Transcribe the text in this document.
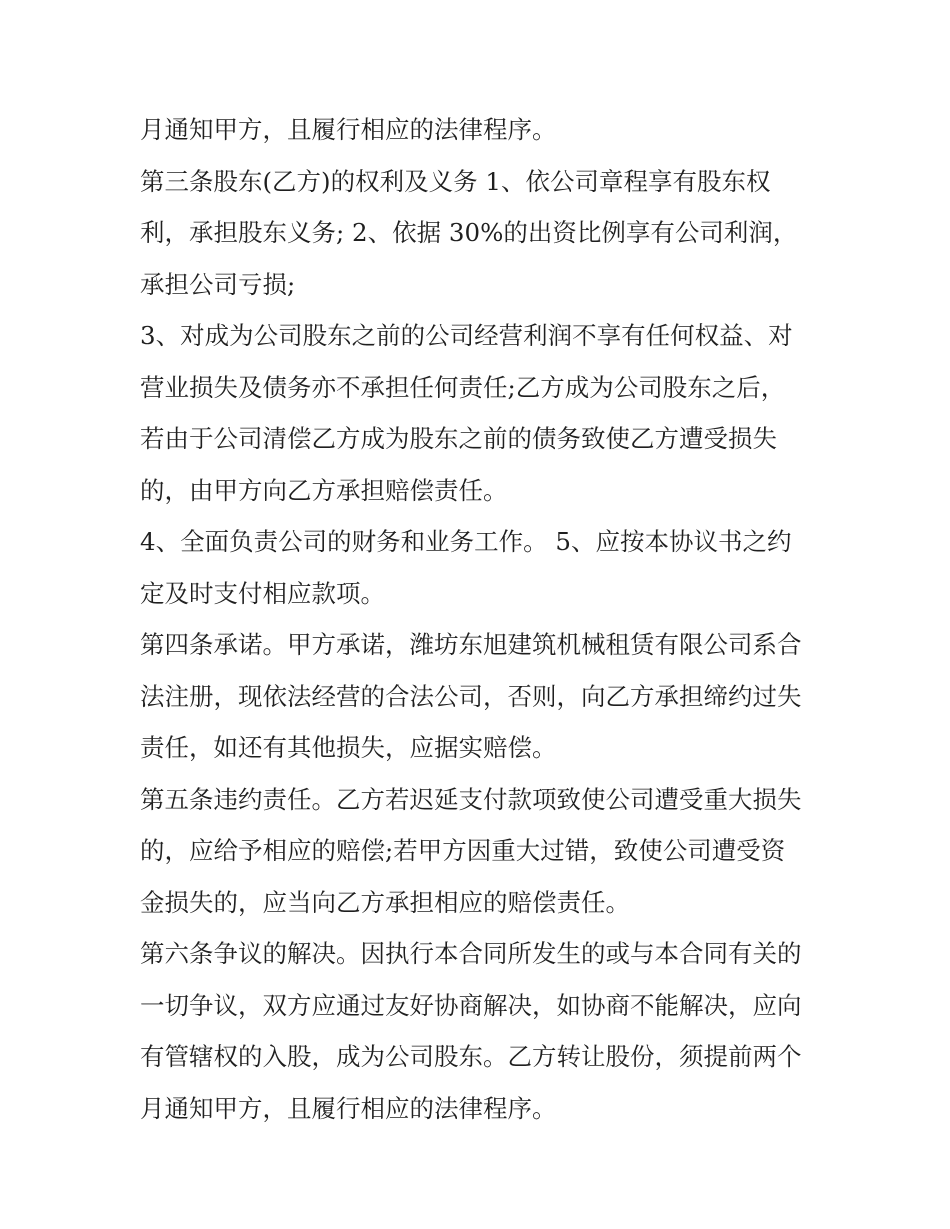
月通知甲方，且履行相应的法律程序。
第三条股东(乙方)的权利及义务 1、依公司章程享有股东权
利，承担股东义务; 2、依据 30%的出资比例享有公司利润，
承担公司亏损;
3、对成为公司股东之前的公司经营利润不享有任何权益、对
营业损失及债务亦不承担任何责任;乙方成为公司股东之后，
若由于公司清偿乙方成为股东之前的债务致使乙方遭受损失
的，由甲方向乙方承担赔偿责任。
4、全面负责公司的财务和业务工作。 5、应按本协议书之约
定及时支付相应款项。
第四条承诺。甲方承诺，潍坊东旭建筑机械租赁有限公司系合
法注册，现依法经营的合法公司，否则，向乙方承担缔约过失
责任，如还有其他损失，应据实赔偿。
第五条违约责任。乙方若迟延支付款项致使公司遭受重大损失
的，应给予相应的赔偿;若甲方因重大过错，致使公司遭受资
金损失的，应当向乙方承担相应的赔偿责任。
第六条争议的解决。因执行本合同所发生的或与本合同有关的
一切争议，双方应通过友好协商解决，如协商不能解决，应向
有管辖权的入股，成为公司股东。乙方转让股份，须提前两个
月通知甲方，且履行相应的法律程序。
